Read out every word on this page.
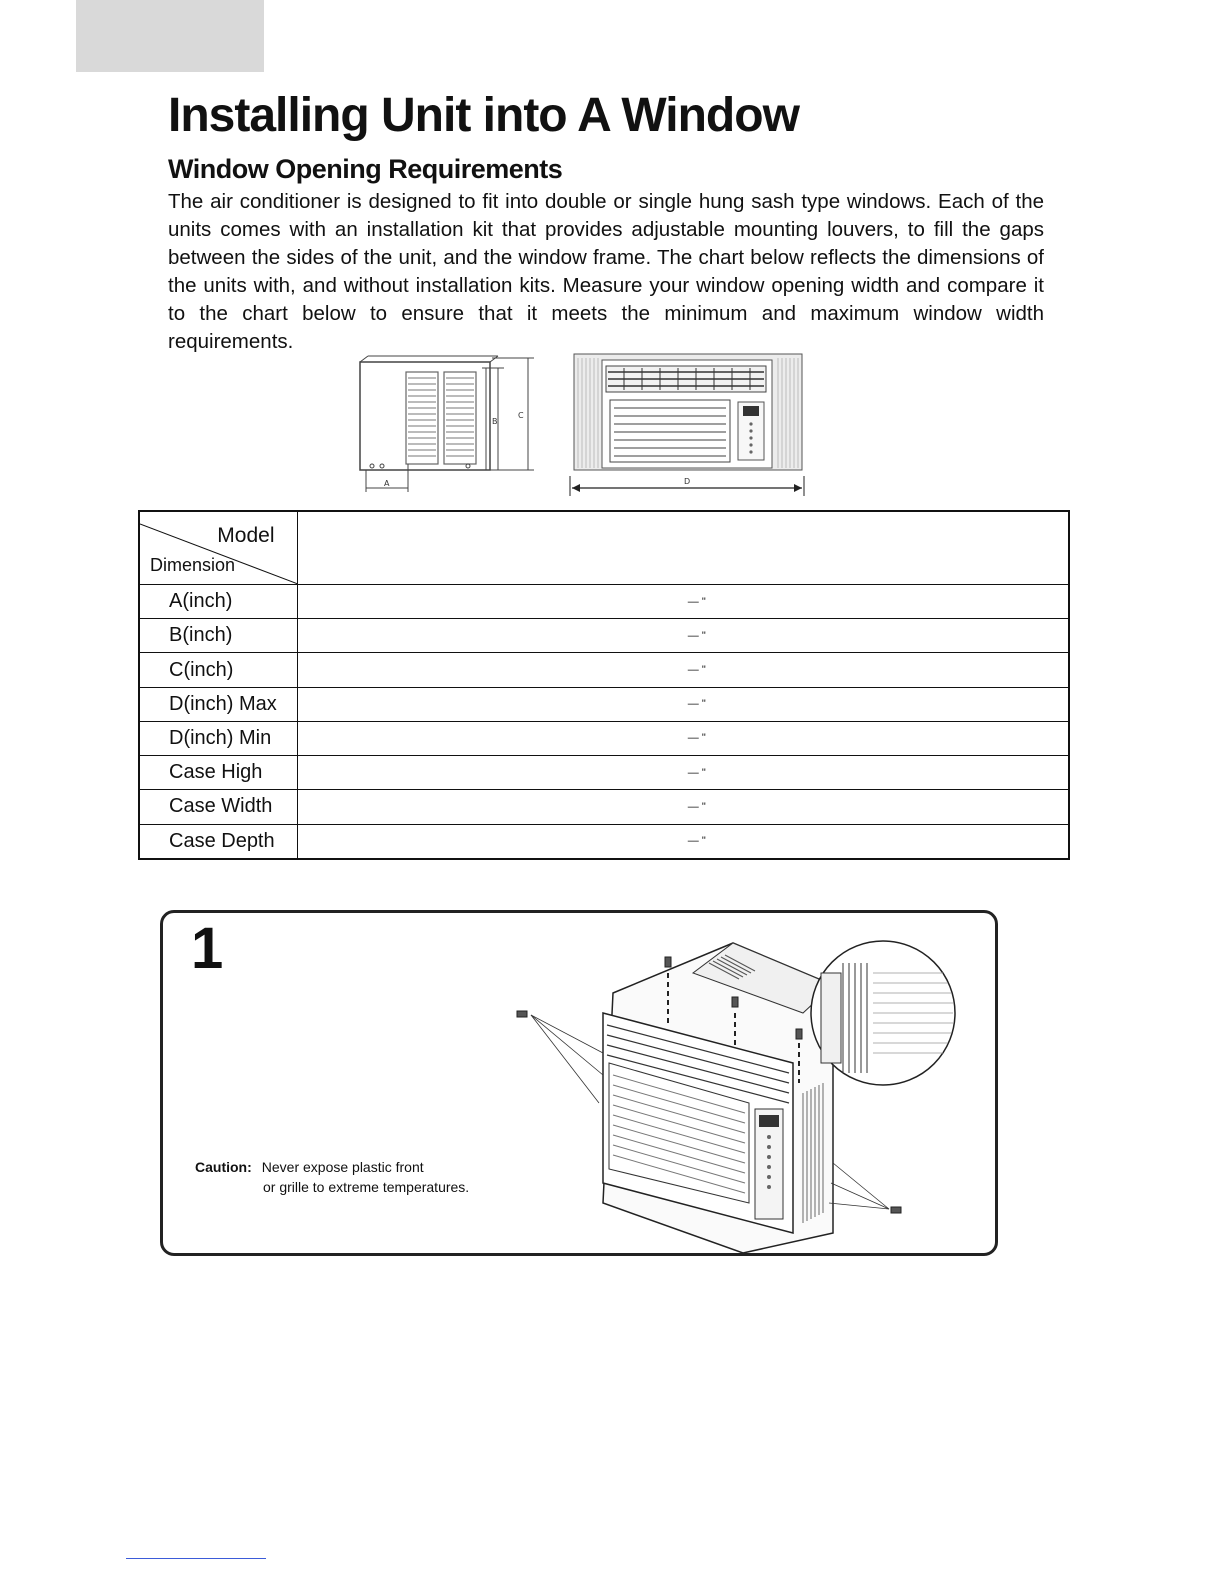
Installing Unit into A Window
Window Opening Requirements

The air conditioner is designed to fit into double or single hung sash type windows. Each of the units comes with an installation kit that provides adjustable mounting louvers, to fill the gaps between the sides of the unit, and the window frame. The chart below reflects the dimensions of the units with, and without installation kits. Measure your window opening width and compare it to the chart below to ensure that it meets the minimum and maximum window width requirements.

B
C
A	D
Model
Dimension	

A(inch)	— "
B(inch)	— "
C(inch)	— "
D(inch) Max	— "
D(inch) Min	— "
Case High	— "
Case Width	— "
Case Depth	— "
1
Caution: Never expose plastic front
or grille to extreme temperatures.
